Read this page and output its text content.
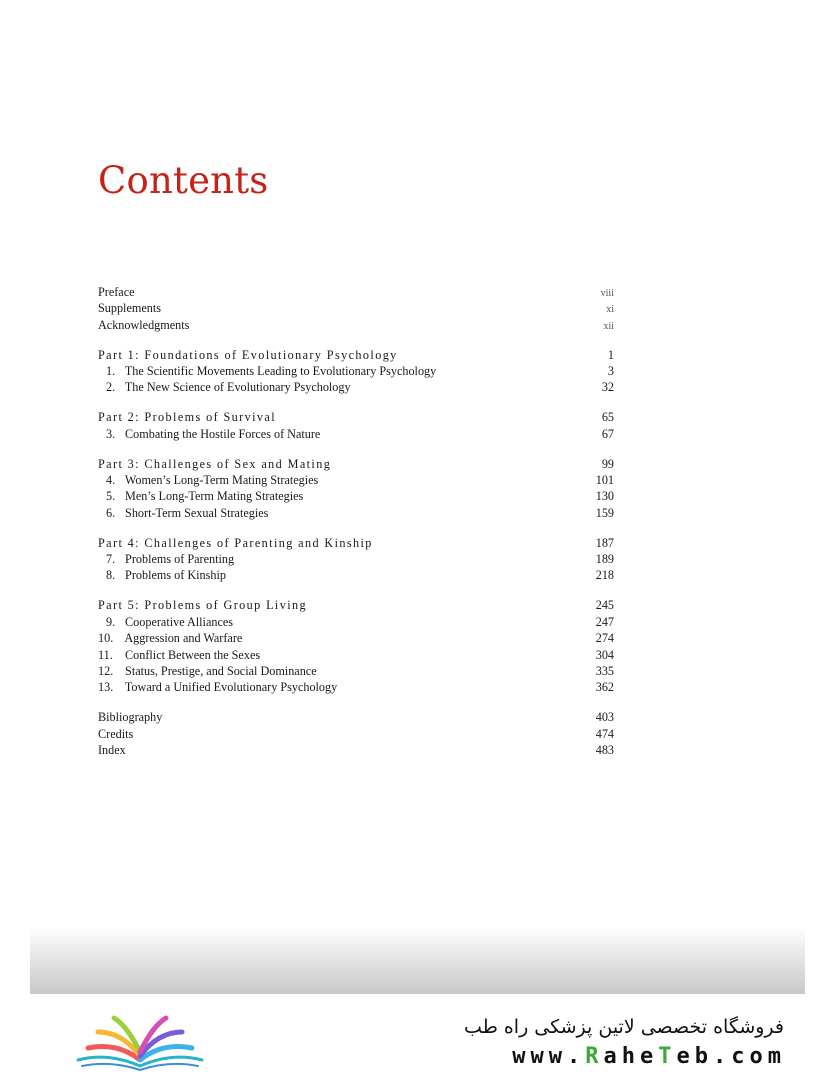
Contents
Preface	viii
Supplements	xi
Acknowledgments	xii
Part 1: Foundations of Evolutionary Psychology	1
1. The Scientific Movements Leading to Evolutionary Psychology	3
2. The New Science of Evolutionary Psychology	32
Part 2: Problems of Survival	65
3. Combating the Hostile Forces of Nature	67
Part 3: Challenges of Sex and Mating	99
4. Women’s Long-Term Mating Strategies	101
5. Men’s Long-Term Mating Strategies	130
6. Short-Term Sexual Strategies	159
Part 4: Challenges of Parenting and Kinship	187
7. Problems of Parenting	189
8. Problems of Kinship	218
Part 5: Problems of Group Living	245
9. Cooperative Alliances	247
10. Aggression and Warfare	274
11. Conflict Between the Sexes	304
12. Status, Prestige, and Social Dominance	335
13. Toward a Unified Evolutionary Psychology	362
Bibliography	403
Credits	474
Index	483
فروشگاه تخصصی لاتین پزشکی راه طب
www.RaheTeb.com
